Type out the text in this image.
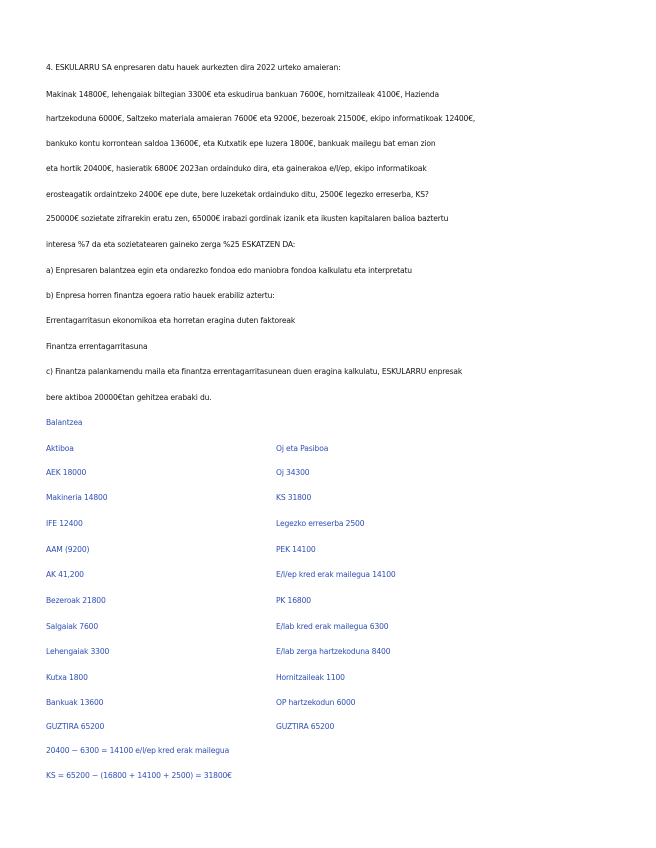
4. ESKULARRU SA enpresaren datu hauek aurkezten dira 2022 urteko amaieran:
Makinak 14800€, lehengaiak biltegian 3300€ eta eskudirua bankuan 7600€, hornitzaileak 4100€, Hazienda
hartzekoduna 6000€, Saltzeko materiala amaieran 7600€ eta 9200€, bezeroak 21500€, ekipo informatikoak 12400€,
bankuko kontu korrontean saldoa 13600€, eta Kutxatik epe luzera 1800€, bankuak mailegu bat eman zion
eta hortik 20400€, hasieratik 6800€ 2023an ordainduko dira, eta gainerakoa e/l/ep, ekipo informatikoak
erosteagatik ordaintzeko 2400€ epe dute, bere luzeketak ordainduko ditu, 2500€ legezko erreserba, KS?
250000€ sozietate zifrarekin eratu zen, 65000€ irabazi gordinak izanik eta ikusten kapitalaren balioa baztertu
interesa %7 da eta sozietatearen gaineko zerga %25 ESKATZEN DA:
a) Enpresaren balantzea egin eta ondarezko fondoa edo maniobra fondoa kalkulatu eta interpretatu
b) Enpresa horren finantza egoera ratio hauek erabiliz aztertu:
Errentagarritasun ekonomikoa eta horretan eragina duten faktoreak
Finantza errentagarritasuna
c) Finantza palankamendu maila eta finantza errentagarritasunean duen eragina kalkulatu, ESKULARRU enpresak
bere aktiboa 20000€tan gehitzea erabaki du.
Balantzea
Aktiboa	Oj eta Pasiboa
AEK 18000
Makineria 14800
IFE 12400
AAM (9200)
AK 41,200
Bezeroak 21800
Salgaiak 7600
Lehengaiak 3300
Kutxa 1800
Bankuak 13600
GUZTIRA 65200
Oj 34300
KS 31800
Legezko erreserba 2500
PEK 14100
E/l/ep kred erak mailegua 14100
PK 16800
E/lab kred erak mailegua 6300
E/lab zerga hartzekoduna 8400
Hornitzaileak 1100
OP hartzekodun 6000
GUZTIRA 65200
20400 − 6300 = 14100 e/l/ep kred erak mailegua
KS = 65200 − (16800 + 14100 + 2500) = 31800€
